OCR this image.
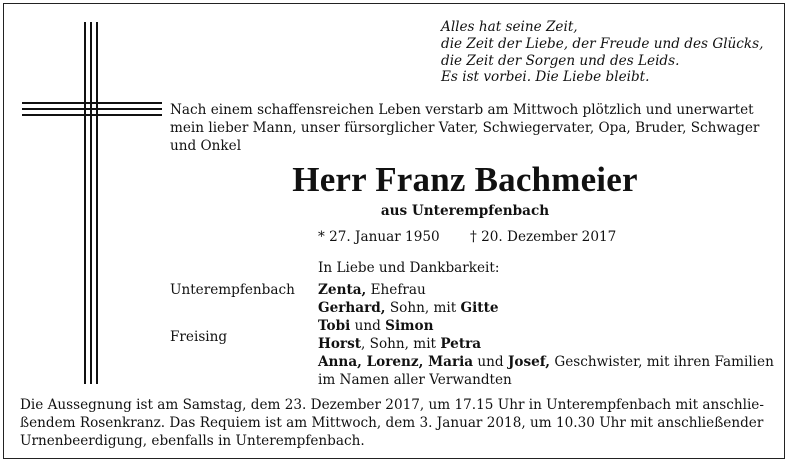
Alles hat seine Zeit,
die Zeit der Liebe, der Freude und des Glücks,
die Zeit der Sorgen und des Leids.
Es ist vorbei. Die Liebe bleibt.
Nach einem schaffensreichen Leben verstarb am Mittwoch plötzlich und unerwartet
mein lieber Mann, unser fürsorglicher Vater, Schwiegervater, Opa, Bruder, Schwager
und Onkel
Herr Franz Bachmeier
aus Unterempfenbach
* 27. Januar 1950 † 20. Dezember 2017
In Liebe und Dankbarkeit:
Unterempfenbach
Freising
Zenta, Ehefrau
Gerhard, Sohn, mit Gitte
Tobi und Simon
Horst, Sohn, mit Petra
Anna, Lorenz, Maria und Josef, Geschwister, mit ihren Familien
im Namen aller Verwandten
Die Aussegnung ist am Samstag, dem 23. Dezember 2017, um 17.15 Uhr in Unterempfenbach mit anschlie-
ßendem Rosenkranz. Das Requiem ist am Mittwoch, dem 3. Januar 2018, um 10.30 Uhr mit anschließender
Urnenbeerdigung, ebenfalls in Unterempfenbach.
